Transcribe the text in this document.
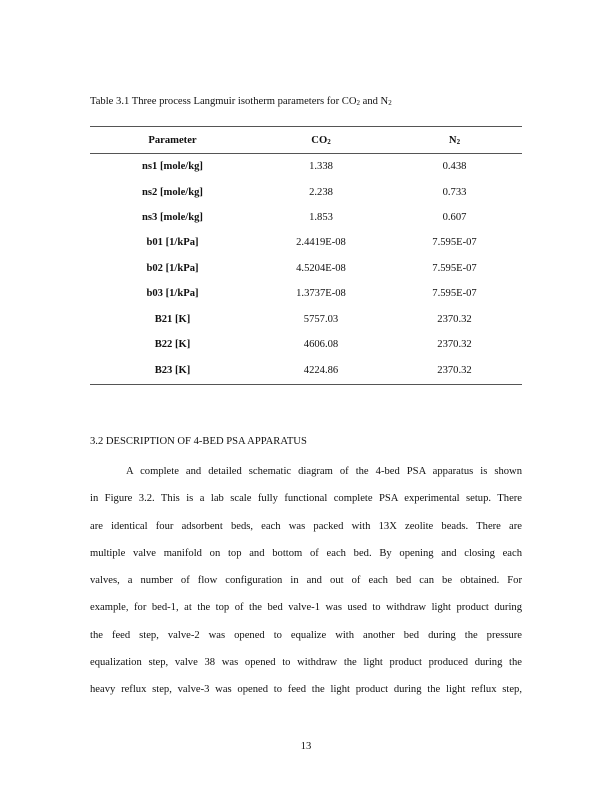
Table 3.1 Three process Langmuir isotherm parameters for $CO_2$ and $N_2$
Parameter	$CO_2$	$N_2$
ns1 [mole/kg]	1.338	0.438
ns2 [mole/kg]	2.238	0.733
ns3 [mole/kg]	1.853	0.607
b01 [1/kPa]	2.4419E-08	7.595E-07
b02 [1/kPa]	4.5204E-08	7.595E-07
b03 [1/kPa]	1.3737E-08	7.595E-07
B21 [K]	5757.03	2370.32
B22 [K]	4606.08	2370.32
B23 [K]	4224.86	2370.32
3.2 DESCRIPTION OF 4-BED PSA APPARATUS

A complete and detailed schematic diagram of the 4-bed PSA apparatus is shown
in Figure 3.2. This is a lab scale fully functional complete PSA experimental setup. There
are identical four adsorbent beds, each was packed with 13X zeolite beads. There are
multiple valve manifold on top and bottom of each bed. By opening and closing each
valves, a number of flow configuration in and out of each bed can be obtained. For
example, for bed-1, at the top of the bed valve-1 was used to withdraw light product during
the feed step, valve-2 was opened to equalize with another bed during the pressure
equalization step, valve 38 was opened to withdraw the light product produced during the
heavy reflux step, valve-3 was opened to feed the light product during the light reflux step,

13
